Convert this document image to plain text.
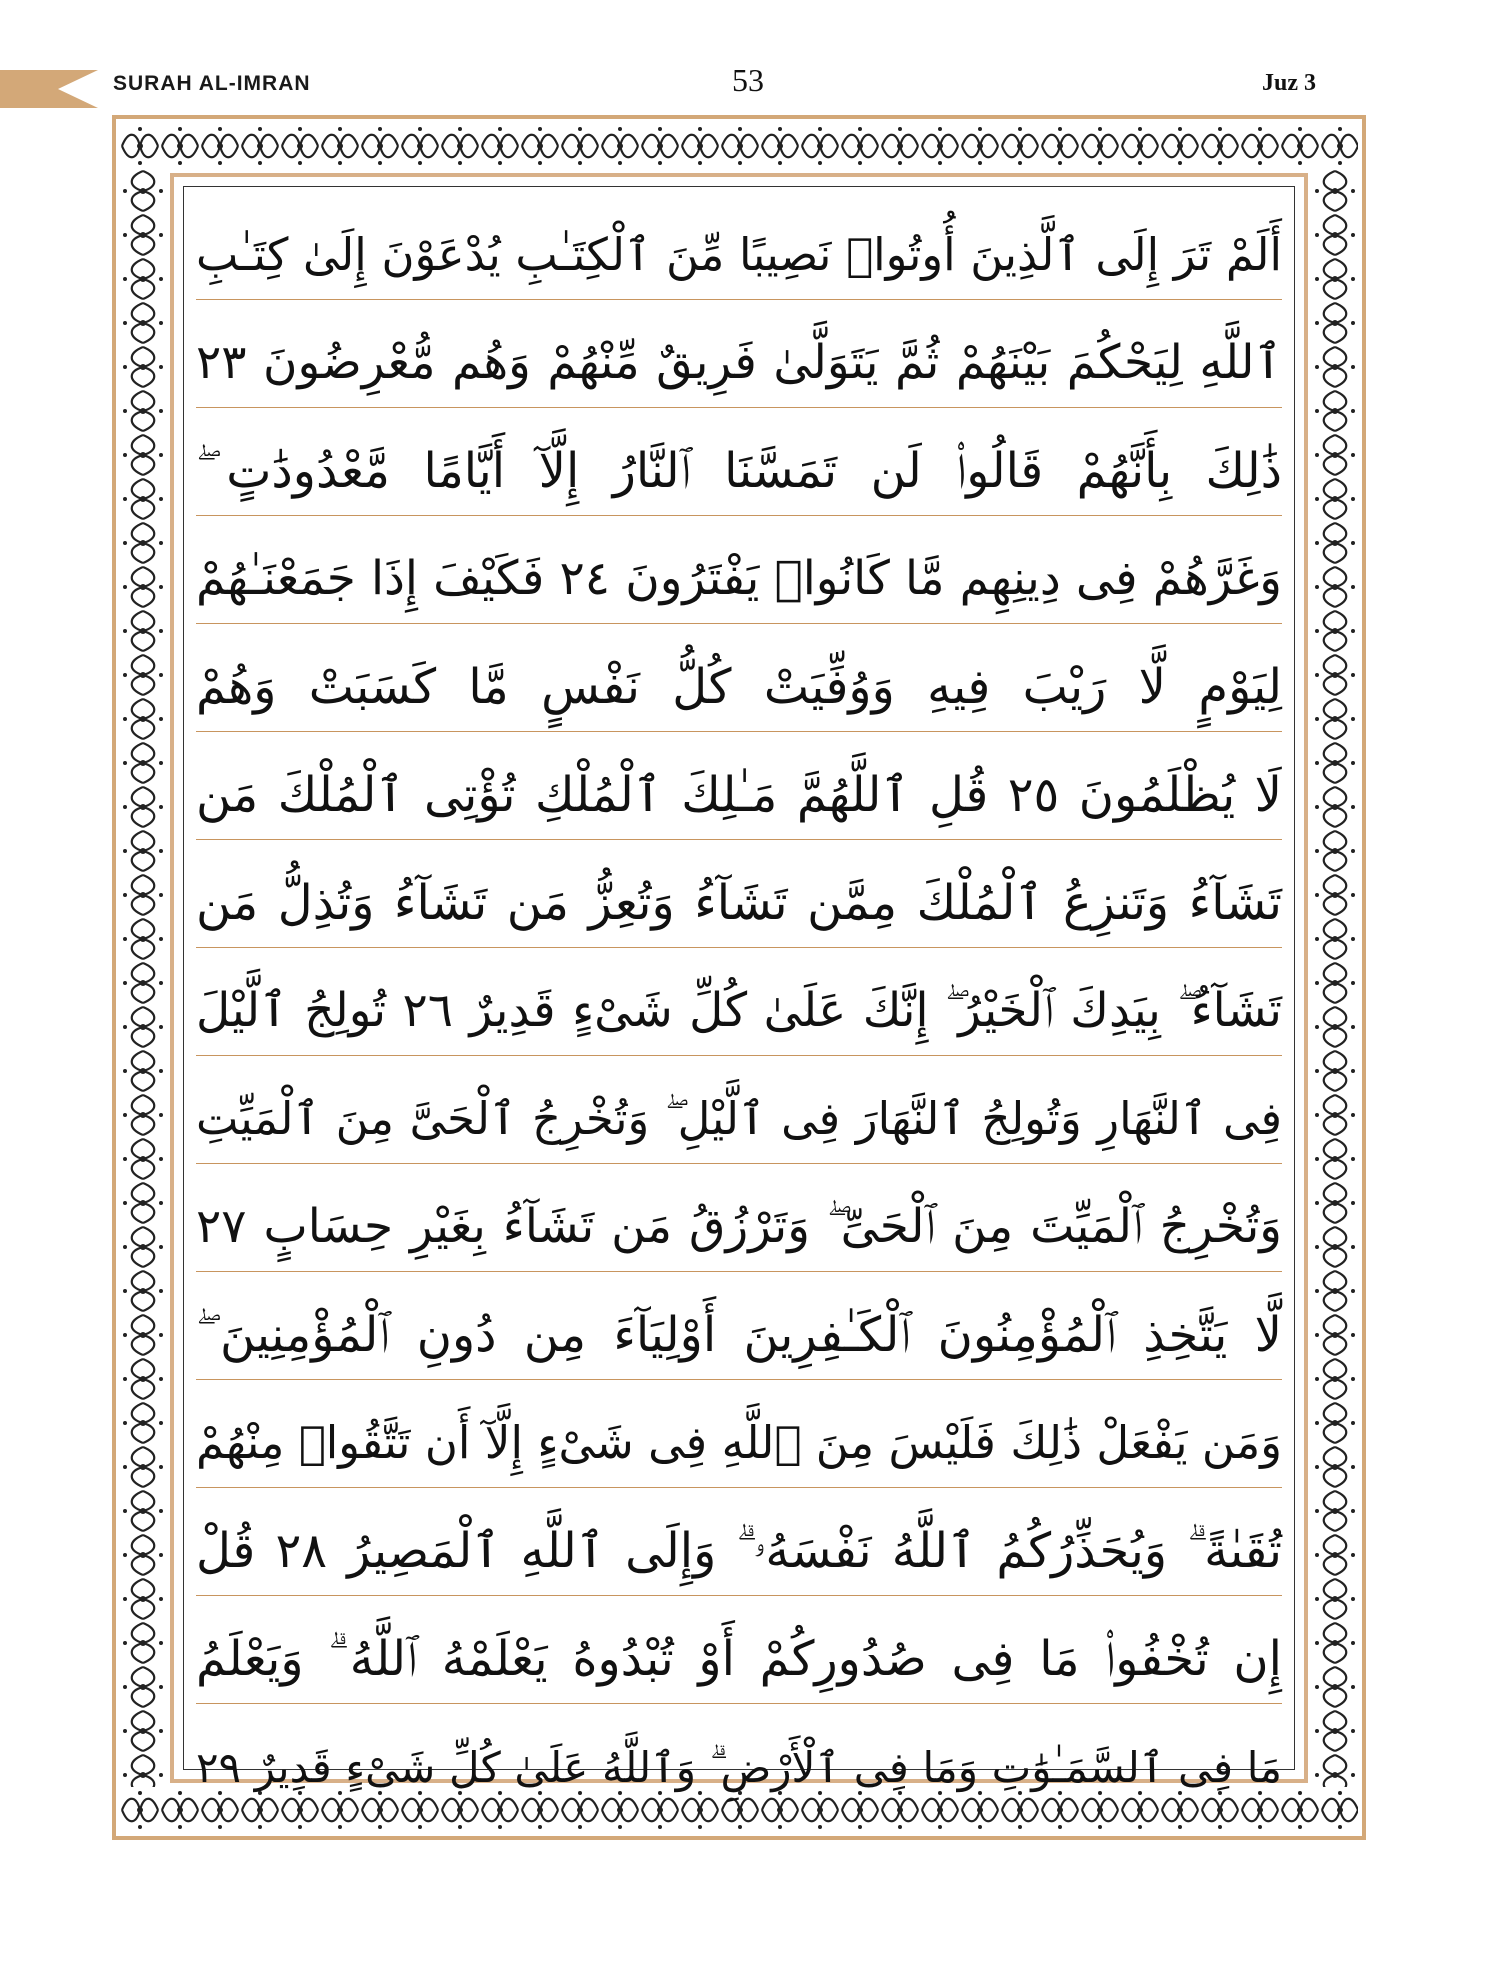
SURAH AL-IMRAN	53	Juz 3
أَلَمْ تَرَ إِلَى ٱلَّذِينَ أُوتُوا۟ نَصِيبًا مِّنَ ٱلْكِتَـٰبِ يُدْعَوْنَ إِلَىٰ كِتَـٰبِ
ٱللَّهِ لِيَحْكُمَ بَيْنَهُمْ ثُمَّ يَتَوَلَّىٰ فَرِيقٌ مِّنْهُمْ وَهُم مُّعْرِضُونَ ٢٣
ذَٰلِكَ بِأَنَّهُمْ قَالُوا۟ لَن تَمَسَّنَا ٱلنَّارُ إِلَّآ أَيَّامًا مَّعْدُودَٰتٍ ۖ
وَغَرَّهُمْ فِى دِينِهِم مَّا كَانُوا۟ يَفْتَرُونَ ٢٤ فَكَيْفَ إِذَا جَمَعْنَـٰهُمْ
لِيَوْمٍ لَّا رَيْبَ فِيهِ وَوُفِّيَتْ كُلُّ نَفْسٍ مَّا كَسَبَتْ وَهُمْ
لَا يُظْلَمُونَ ٢٥ قُلِ ٱللَّهُمَّ مَـٰلِكَ ٱلْمُلْكِ تُؤْتِى ٱلْمُلْكَ مَن
تَشَآءُ وَتَنزِعُ ٱلْمُلْكَ مِمَّن تَشَآءُ وَتُعِزُّ مَن تَشَآءُ وَتُذِلُّ مَن
تَشَآءُ ۖ بِيَدِكَ ٱلْخَيْرُ ۖ إِنَّكَ عَلَىٰ كُلِّ شَىْءٍ قَدِيرٌ ٢٦ تُولِجُ ٱلَّيْلَ
فِى ٱلنَّهَارِ وَتُولِجُ ٱلنَّهَارَ فِى ٱلَّيْلِ ۖ وَتُخْرِجُ ٱلْحَىَّ مِنَ ٱلْمَيِّتِ
وَتُخْرِجُ ٱلْمَيِّتَ مِنَ ٱلْحَىِّ ۖ وَتَرْزُقُ مَن تَشَآءُ بِغَيْرِ حِسَابٍ ٢٧
لَّا يَتَّخِذِ ٱلْمُؤْمِنُونَ ٱلْكَـٰفِرِينَ أَوْلِيَآءَ مِن دُونِ ٱلْمُؤْمِنِينَ ۖ
وَمَن يَفْعَلْ ذَٰلِكَ فَلَيْسَ مِنَ ٱللَّهِ فِى شَىْءٍ إِلَّآ أَن تَتَّقُوا۟ مِنْهُمْ
تُقَىٰةً ۗ وَيُحَذِّرُكُمُ ٱللَّهُ نَفْسَهُۥ ۗ وَإِلَى ٱللَّهِ ٱلْمَصِيرُ ٢٨ قُلْ
إِن تُخْفُوا۟ مَا فِى صُدُورِكُمْ أَوْ تُبْدُوهُ يَعْلَمْهُ ٱللَّهُ ۗ وَيَعْلَمُ
مَا فِى ٱلسَّمَـٰوَٰتِ وَمَا فِى ٱلْأَرْضِ ۗ وَٱللَّهُ عَلَىٰ كُلِّ شَىْءٍ قَدِيرٌ ٢٩
